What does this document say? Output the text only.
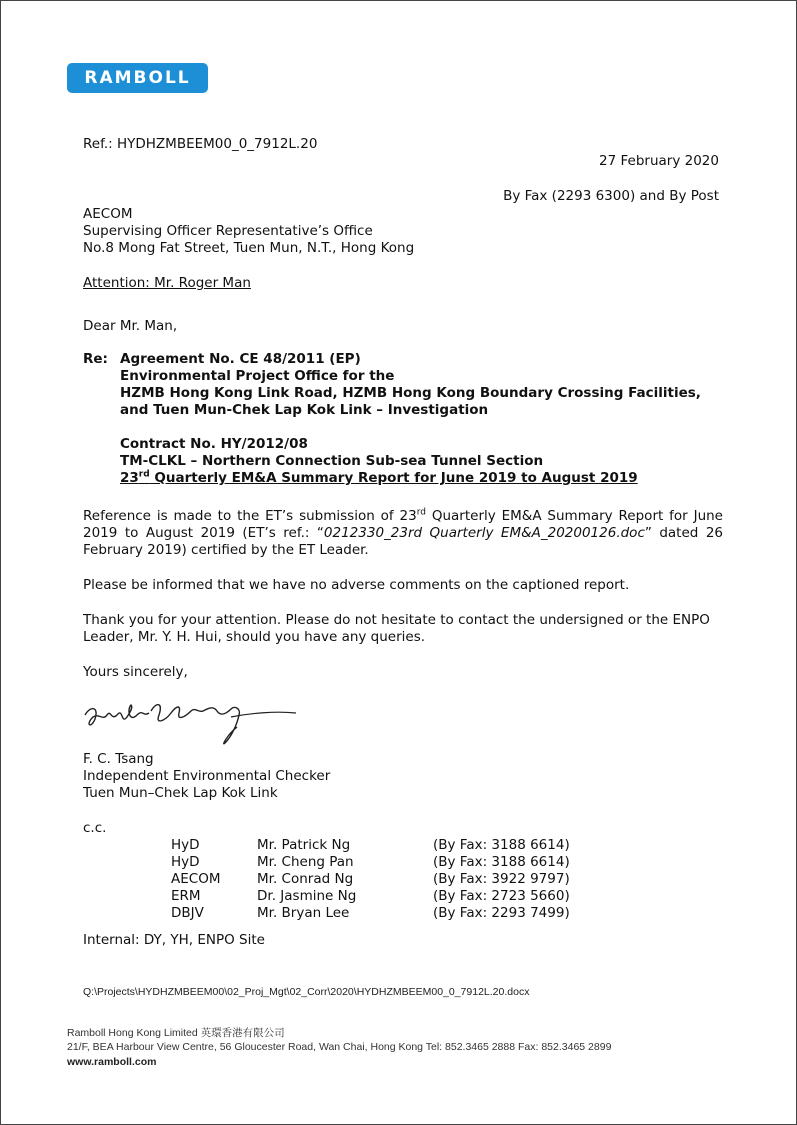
RAMBOLL
Ref.: HYDHZMBEEM00_0_7912L.20
27 February 2020
By Fax (2293 6300) and By Post
AECOM
Supervising Officer Representative’s Office
No.8 Mong Fat Street, Tuen Mun, N.T., Hong Kong
Attention: Mr. Roger Man
Dear Mr. Man,
Re: Agreement No. CE 48/2011 (EP)
Environmental Project Office for the
HZMB Hong Kong Link Road, HZMB Hong Kong Boundary Crossing Facilities,
and Tuen Mun-Chek Lap Kok Link – Investigation
Contract No. HY/2012/08
TM-CLKL – Northern Connection Sub-sea Tunnel Section
23rd Quarterly EM&A Summary Report for June 2019 to August 2019
Reference is made to the ET’s submission of 23rd Quarterly EM&A Summary Report for June 2019 to August 2019 (ET’s ref.: “0212330_23rd Quarterly EM&A_20200126.doc” dated 26 February 2019) certified by the ET Leader.
Please be informed that we have no adverse comments on the captioned report.
Thank you for your attention. Please do not hesitate to contact the undersigned or the ENPO Leader, Mr. Y. H. Hui, should you have any queries.
Yours sincerely,
F. C. Tsang
Independent Environmental Checker
Tuen Mun–Chek Lap Kok Link
c.c.
HyD	Mr. Patrick Ng	(By Fax: 3188 6614)
HyD	Mr. Cheng Pan	(By Fax: 3188 6614)
AECOM	Mr. Conrad Ng	(By Fax: 3922 9797)
ERM	Dr. Jasmine Ng	(By Fax: 2723 5660)
DBJV	Mr. Bryan Lee	(By Fax: 2293 7499)
Internal: DY, YH, ENPO Site
Q:\Projects\HYDHZMBEEM00\02_Proj_Mgt\02_Corr\2020\HYDHZMBEEM00_0_7912L.20.docx
Ramboll Hong Kong Limited 英環香港有限公司
21/F, BEA Harbour View Centre, 56 Gloucester Road, Wan Chai, Hong Kong Tel: 852.3465 2888 Fax: 852.3465 2899
www.ramboll.com
